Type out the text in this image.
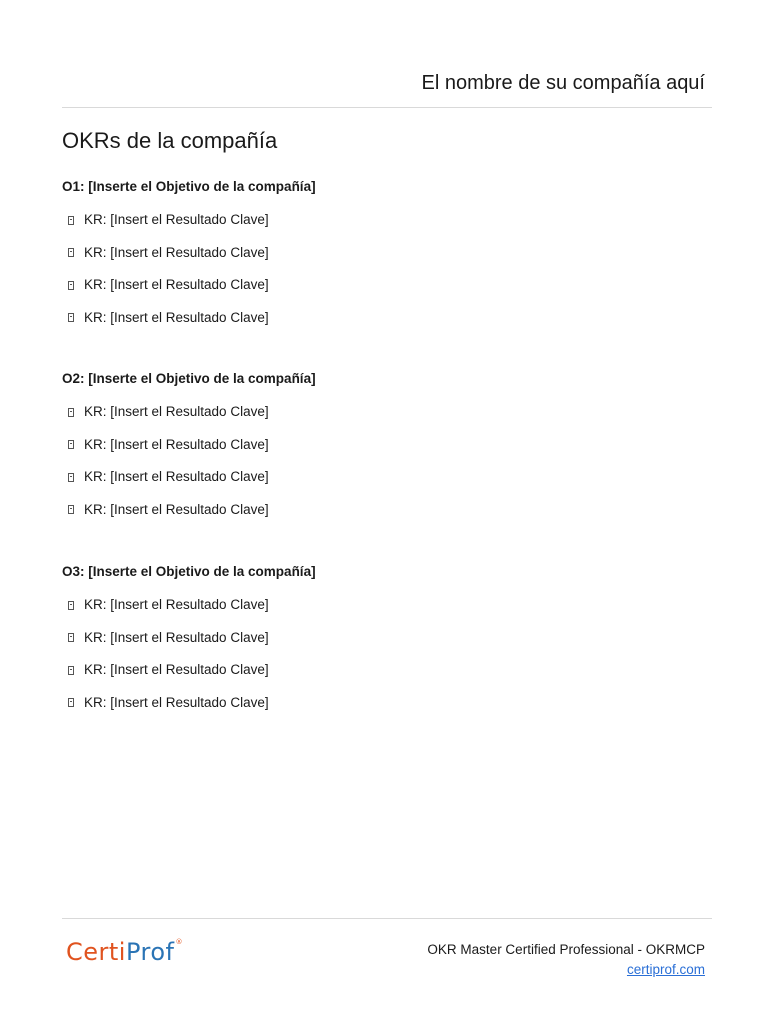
El nombre de su compañía aquí
OKRs de la compañía
O1: [Inserte el Objetivo de la compañía]
KR: [Insert el Resultado Clave]
KR: [Insert el Resultado Clave]
KR: [Insert el Resultado Clave]
KR: [Insert el Resultado Clave]
O2: [Inserte el Objetivo de la compañía]
KR: [Insert el Resultado Clave]
KR: [Insert el Resultado Clave]
KR: [Insert el Resultado Clave]
KR: [Insert el Resultado Clave]
O3: [Inserte el Objetivo de la compañía]
KR: [Insert el Resultado Clave]
KR: [Insert el Resultado Clave]
KR: [Insert el Resultado Clave]
KR: [Insert el Resultado Clave]
CertiProf®	OKR Master Certified Professional - OKRMCP
certiprof.com
